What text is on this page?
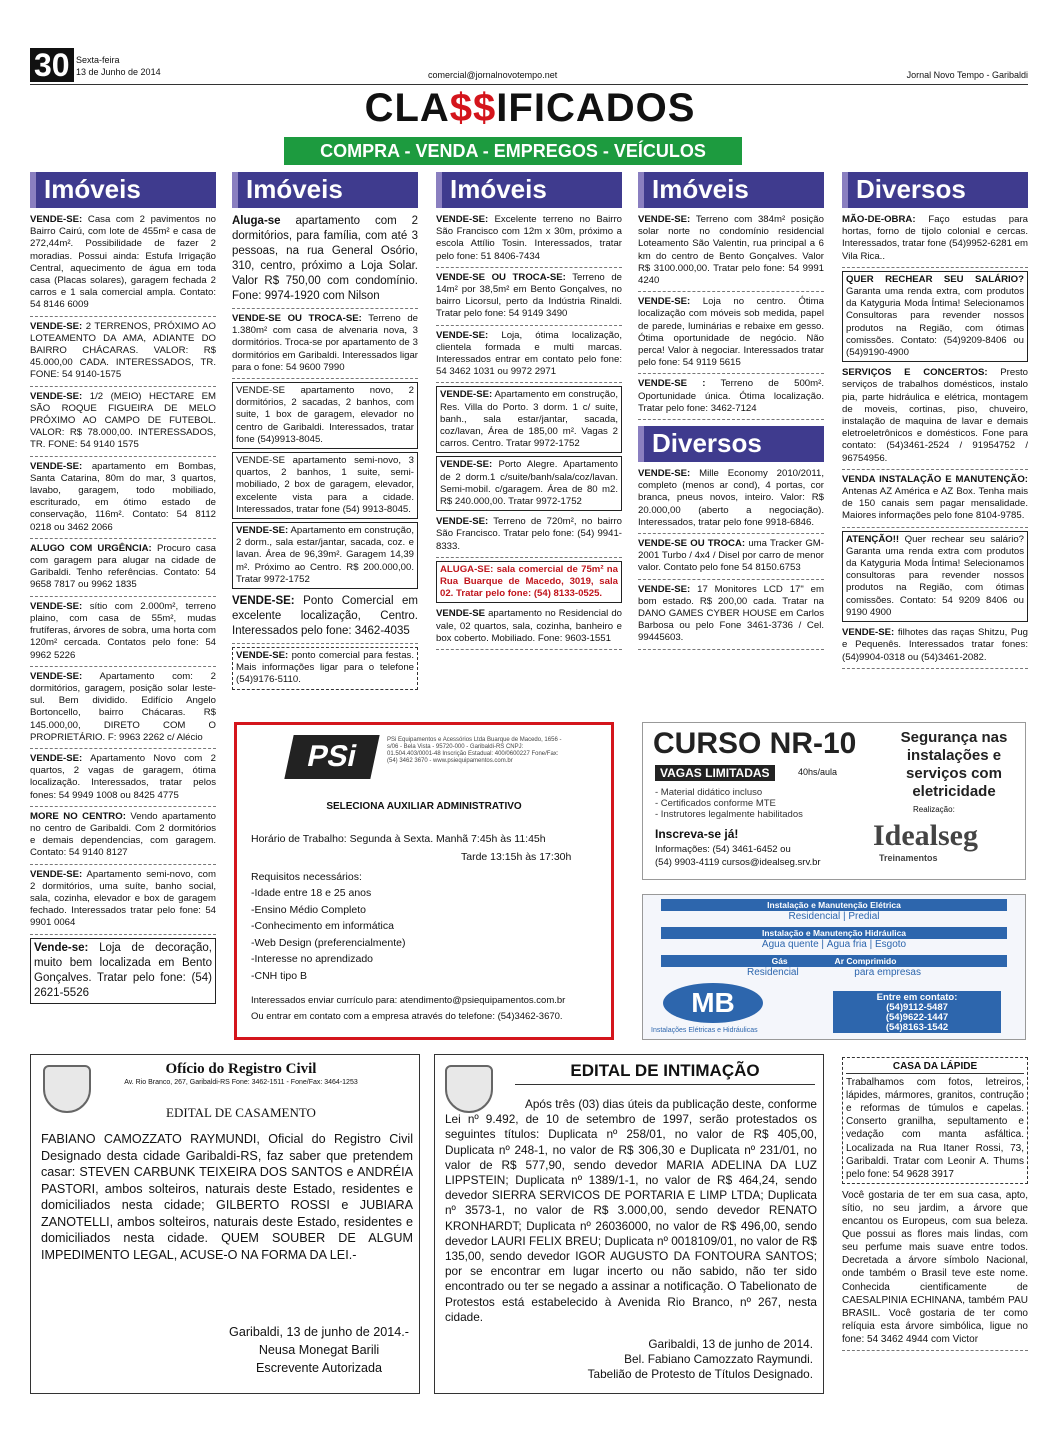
30 Sexta-feira
13 de Junho de 2014	comercial@jornalnovotempo.net	Jornal Novo Tempo - Garibaldi
CLA$$IFICADOS
COMPRA - VENDA - EMPREGOS - VEÍCULOS
Imóveis
VENDE-SE: Casa com 2 pavimentos no Bairro Cairú, com lote de 455m² e casa de 272,44m². Possibilidade de fazer 2 moradias. Possui ainda: Estufa Irrigação Central, aquecimento de água em toda casa (Placas solares), garagem fechada 2 carros e 1 sala comercial ampla. Contato: 54 8146 6009
VENDE-SE: 2 TERRENOS, PRÓXIMO AO LOTEAMENTO DA AMA, ADIANTE DO BAIRRO CHÁCARAS. VALOR: R$ 45.000,00 CADA. INTERESSADOS, TR. FONE: 54 9140-1575
VENDE-SE: 1/2 (MEIO) HECTARE EM SÃO ROQUE FIGUEIRA DE MELO PRÓXIMO AO CAMPO DE FUTEBOL. VALOR: R$ 78.000,00. INTERESSADOS, TR. FONE: 54 9140 1575
VENDE-SE: apartamento em Bombas, Santa Catarina, 80m do mar, 3 quartos, lavabo, garagem, todo mobiliado, escriturado, em ótimo estado de conservação, 116m². Contato: 54 8112 0218 ou 3462 2066
ALUGO COM URGÊNCIA: Procuro casa com garagem para alugar na cidade de Garibaldi. Tenho referências. Contato: 54 9658 7817 ou 9962 1835
VENDE-SE: sítio com 2.000m², terreno plaino, com casa de 55m², mudas frutíferas, árvores de sobra, uma horta com 120m² cercada. Contatos pelo fone: 54 9962 5226
VENDE-SE: Apartamento com: 2 dormitórios, garagem, posição solar leste-sul. Bem dividido. Edifício Angelo Bortoncello, bairro Chácaras. R$ 145.000,00, DIRETO COM O PROPRIETÁRIO. F: 9963 2262 c/ Alécio
VENDE-SE: Apartamento Novo com 2 quartos, 2 vagas de garagem, ótima localização. Interessados, tratar pelos fones: 54 9949 1008 ou 8425 4775
MORE NO CENTRO: Vendo apartamento no centro de Garibaldi. Com 2 dormitórios e demais dependencias, com garagem. Contato: 54 9140 8127
VENDE-SE: Apartamento semi-novo, com 2 dormitórios, uma suíte, banho social, sala, cozinha, elevador e box de garagem fechado. Interessados tratar pelo fone: 54 9901 0064
Vende-se: Loja de decoração, muito bem localizada em Bento Gonçalves. Tratar pelo fone: (54) 2621-5526
Imóveis
Aluga-se apartamento com 2 dormitórios, para família, com até 3 pessoas, na rua General Osório, 310, centro, próximo a Loja Solar. Valor R$ 750,00 com condomínio. Fone: 9974-1920 com Nilson
VENDE-SE OU TROCA-SE: Terreno de 1.380m² com casa de alvenaria nova, 3 dormitórios. Troca-se por apartamento de 3 dormitórios em Garibaldi. Interessados ligar para o fone: 54 9600 7990
VENDE-SE apartamento novo, 2 dormitórios, 2 sacadas, 2 banhos, com suite, 1 box de garagem, elevador no centro de Garibaldi. Interessados, tratar fone (54)9913-8045.
VENDE-SE apartamento semi-novo, 3 quartos, 2 banhos, 1 suite, semi-mobiliado, 2 box de garagem, elevador, excelente vista para a cidade. Interessados, tratar fone (54) 9913-8045.
VENDE-SE: Apartamento em construção, 2 dorm., sala estar/jantar, sacada, coz. e lavan. Área de 96,39m². Garagem 14,39 m². Próximo ao Centro. R$ 200.000,00. Tratar 9972-1752
VENDE-SE: Ponto Comercial em excelente localização, Centro. Interessados pelo fone: 3462-4035
VENDE-SE: ponto comercial para festas. Mais informações ligar para o telefone (54)9176-5110.
Imóveis
VENDE-SE: Excelente terreno no Bairro São Francisco com 12m x 30m, próximo a escola Attílio Tosin. Interessados, tratar pelo fone: 51 8406-7434
VENDE-SE OU TROCA-SE: Terreno de 14m² por 38,5m² em Bento Gonçalves, no bairro Licorsul, perto da Indústria Rinaldi. Tratar pelo fone: 54 9149 3490
VENDE-SE: Loja, ótima localização, clientela formada e multi marcas. Interessados entrar em contato pelo fone: 54 3462 1031 ou 9972 2971
VENDE-SE: Apartamento em construção, Res. Villa do Porto. 3 dorm. 1 c/ suite, banh., sala estar/jantar, sacada, coz/lavan, Área de 185,00 m². Vagas 2 carros. Centro. Tratar 9972-1752
VENDE-SE: Porto Alegre. Apartamento de 2 dorm.1 c/suite/banh/sala/coz/lavan. Semi-mobil. c/garagem. Área de 80 m2. R$ 240.000,00. Tratar 9972-1752
VENDE-SE: Terreno de 720m², no bairro São Francisco. Tratar pelo fone: (54) 9941-8333.
ALUGA-SE: sala comercial de 75m² na Rua Buarque de Macedo, 3019, sala 02. Tratar pelo fone: (54) 8133-0525.
VENDE-SE apartamento no Residencial do vale, 02 quartos, sala, cozinha, banheiro e box coberto. Mobiliado. Fone: 9603-1551
Imóveis
VENDE-SE: Terreno com 384m² posição solar norte no condomínio residencial Loteamento São Valentin, rua principal a 6 km do centro de Bento Gonçalves. Valor R$ 3100.000,00. Tratar pelo fone: 54 9991 4240
VENDE-SE: Loja no centro. Ótima localização com móveis sob medida, papel de parede, luminárias e rebaixe em gesso. Ótima oportunidade de negócio. Não perca! Valor à negociar. Interessados tratar pelo fone: 54 9119 5615
VENDE-SE : Terreno de 500m². Oportunidade única. Ótima localização. Tratar pelo fone: 3462-7124
Diversos
VENDE-SE: Mille Economy 2010/2011, completo (menos ar cond), 4 portas, cor branca, pneus novos, inteiro. Valor: R$ 20.000,00 (aberto a negociação). Interessados, tratar pelo fone 9918-6846.
VENDE-SE OU TROCA: uma Tracker GM-2001 Turbo / 4x4 / Disel por carro de menor valor. Contato pelo fone 54 8150.6753
VENDE-SE: 17 Monitores LCD 17" em bom estado. R$ 200,00 cada. Tratar na DANO GAMES CYBER HOUSE em Carlos Barbosa ou pelo Fone 3461-3736 / Cel. 99445603.
Diversos
MÃO-DE-OBRA: Faço estudas para hortas, forno de tijolo colonial e cercas. Interessados, tratar fone (54)9952-6281 em Vila Rica..
QUER RECHEAR SEU SALÁRIO? Garanta uma renda extra, com produtos da Katyguria Moda Íntima! Selecionamos Consultoras para revender nossos produtos na Região, com ótimas comissões. Contato: (54)9209-8406 ou (54)9190-4900
SERVIÇOS E CONCERTOS: Presto serviços de trabalhos domésticos, instalo pia, parte hidráulica e elétrica, montagem de moveis, cortinas, piso, chuveiro, instalação de maquina de lavar e demais eletroeletrônicos e domésticos. Fone para contato: (54)3461-2524 / 91954752 / 96754956.
VENDA INSTALAÇÃO E MANUTENÇÃO: Antenas AZ América e AZ Box. Tenha mais de 150 canais sem pagar mensalidade. Maiores informações pelo fone 8104-9785.
ATENÇÃO!! Quer rechear seu salário? Garanta uma renda extra com produtos da Katyguria Moda Íntima! Selecionamos consultoras para revender nossos produtos na Região, com ótimas comissões. Contato: 54 9209 8406 ou 9190 4900
VENDE-SE: filhotes das raças Shitzu, Pug e Pequenês. Interessados tratar fones: (54)9904-0318 ou (54)3461-2082.
PSi	PSi Equipamentos e Acessórios Ltda Buarque de Macedo, 1656 - s/06 - Bela Vista - 95720-000 - Garibaldi-RS CNPJ: 01.504.403/0001-48 Inscrição Estadual: 400/0600227 Fone/Fax: (54) 3462 3670 - www.psiequipamentos.com.br
SELECIONA AUXILIAR ADMINISTRATIVO
Horário de Trabalho: Segunda à Sexta. Manhã 7:45h às 11:45h
Tarde 13:15h às 17:30h
Requisitos necessários:
-Idade entre 18 e 25 anos
-Ensino Médio Completo
-Conhecimento em informática
-Web Design (preferencialmente)
-Interesse no aprendizado
-CNH tipo B
Interessados enviar currículo para: atendimento@psiequipamentos.com.br
Ou entrar em contato com a empresa através do telefone: (54)3462-3670.
CURSO NR-10
VAGAS LIMITADAS	40hs/aula
- Material didático incluso
- Certificados conforme MTE
- Instrutores legalmente habilitados
Segurança nas instalações e serviços com eletricidade
Inscreva-se já!
Informações: (54) 3461-6452 ou
(54) 9903-4119 cursos@idealseg.srv.br
Realização:
Idealseg
Treinamentos
Instalação e Manutenção Elétrica
Residencial | Predial
Instalação e Manutenção Hidráulica
Água quente | Água fria | Esgoto
Gás                    Ar Comprimido
Residencial                    para empresas
MB	Entre em contato:
(54)9112-5487
(54)9622-1447
(54)8163-1542
Instalações Elétricas e Hidráulicas
Ofício do Registro Civil
Av. Rio Branco, 267, Garibaldi-RS Fone: 3462-1511 - Fone/Fax: 3464-1253
EDITAL DE CASAMENTO
FABIANO CAMOZZATO RAYMUNDI, Oficial do Registro Civil Designado desta cidade Garibaldi-RS, faz saber que pretendem casar: STEVEN CARBUNK TEIXEIRA DOS SANTOS e ANDRÉIA PASTORI, ambos solteiros, naturais deste Estado, residentes e domiciliados nesta cidade; GILBERTO ROSSI e JUBIARA ZANOTELLI, ambos solteiros, naturais deste Estado, residentes e domiciliados nesta cidade. QUEM SOUBER DE ALGUM IMPEDIMENTO LEGAL, ACUSE-O NA FORMA DA LEI.-
Garibaldi, 13 de junho de 2014.-
Neusa Monegat Barili
Escrevente Autorizada
EDITAL DE INTIMAÇÃO
Após três (03) dias úteis da publicação deste, conforme Lei nº 9.492, de 10 de setembro de 1997, serão protestados os seguintes títulos: Duplicata nº 258/01, no valor de R$ 405,00, Duplicata nº 248-1, no valor de R$ 306,30 e Duplicata nº 231/01, no valor de R$ 577,90, sendo devedor MARIA ADELINA DA LUZ LIPPSTEIN; Duplicata nº 1389/1-1, no valor de R$ 464,24, sendo devedor SIERRA SERVICOS DE PORTARIA E LIMP LTDA; Duplicata nº 3573-1, no valor de R$ 3.000,00, sendo devedor RENATO KRONHARDT; Duplicata nº 26036000, no valor de R$ 496,00, sendo devedor LAURI FELIX BREU; Duplicata nº 0018109/01, no valor de R$ 135,00, sendo devedor IGOR AUGUSTO DA FONTOURA SANTOS; por se encontrar em lugar incerto ou não sabido, não ter sido encontrado ou ter se negado a assinar a notificação. O Tabelionato de Protestos está estabelecido à Avenida Rio Branco, nº 267, nesta cidade.
Garibaldi, 13 de junho de 2014.
Bel. Fabiano Camozzato Raymundi.
Tabelião de Protesto de Títulos Designado.
CASA DA LÁPIDE
Trabalhamos com fotos, letreiros, lápides, mármores, granitos, contrução e reformas de túmulos e capelas. Conserto granilha, sepultamento e vedação com manta asfáltica. Localizada na Rua Itaner Rossi, 73, Garibaldi. Tratar com Leonir A. Thums pelo fone: 54 9628 3917
Você gostaria de ter em sua casa, apto, sítio, no seu jardim, a árvore que encantou os Europeus, com sua beleza. Que possui as flores mais lindas, com seu perfume mais suave entre todos. Decretada a árvore símbolo Nacional, onde também o Brasil teve este nome. Conhecida cientificamente de CAESALPINIA ECHINANA, também PAU BRASIL. Você gostaria de ter como relíquia esta árvore simbólica, ligue no fone: 54 3462 4944 com Victor
